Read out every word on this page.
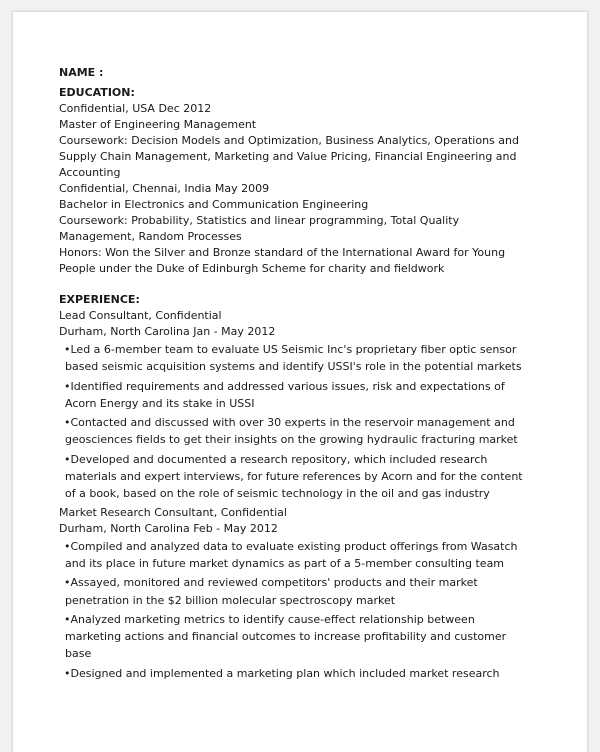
NAME :
EDUCATION:
Confidential, USA Dec 2012
Master of Engineering Management
Coursework: Decision Models and Optimization, Business Analytics, Operations and
Supply Chain Management, Marketing and Value Pricing, Financial Engineering and
Accounting
Confidential, Chennai, India May 2009
Bachelor in Electronics and Communication Engineering
Coursework: Probability, Statistics and linear programming, Total Quality
Management, Random Processes
Honors: Won the Silver and Bronze standard of the International Award for Young
People under the Duke of Edinburgh Scheme for charity and fieldwork
EXPERIENCE:
Lead Consultant, Confidential
Durham, North Carolina Jan - May 2012
•Led a 6-member team to evaluate US Seismic Inc's proprietary fiber optic sensor
based seismic acquisition systems and identify USSI's role in the potential markets
•Identified requirements and addressed various issues, risk and expectations of
Acorn Energy and its stake in USSI
•Contacted and discussed with over 30 experts in the reservoir management and
geosciences fields to get their insights on the growing hydraulic fracturing market
•Developed and documented a research repository, which included research
materials and expert interviews, for future references by Acorn and for the content
of a book, based on the role of seismic technology in the oil and gas industry
Market Research Consultant, Confidential
Durham, North Carolina Feb - May 2012
•Compiled and analyzed data to evaluate existing product offerings from Wasatch
and its place in future market dynamics as part of a 5-member consulting team
•Assayed, monitored and reviewed competitors' products and their market
penetration in the $2 billion molecular spectroscopy market
•Analyzed marketing metrics to identify cause-effect relationship between
marketing actions and financial outcomes to increase profitability and customer
base
•Designed and implemented a marketing plan which included market research
